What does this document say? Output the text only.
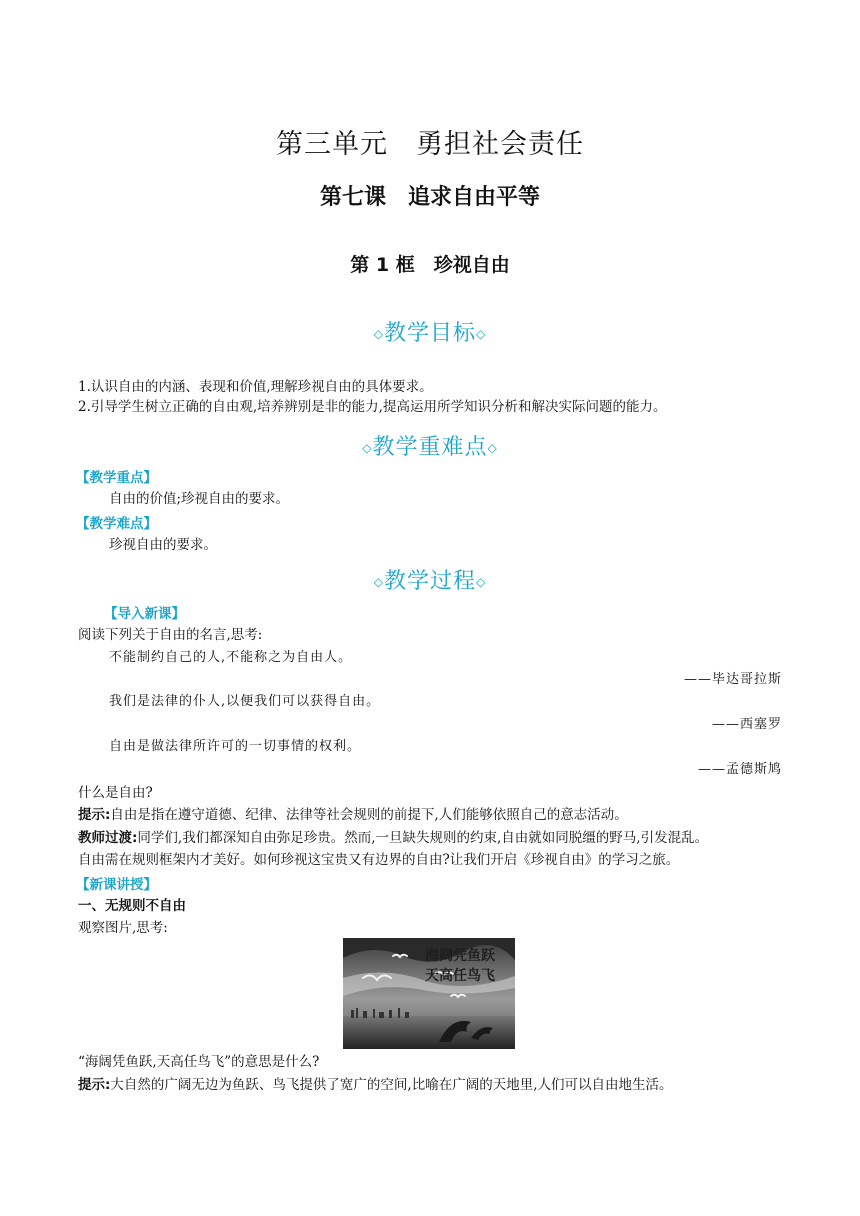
第三单元　勇担社会责任
第七课　追求自由平等
第 1 框　珍视自由
◇教学目标◇
1.认识自由的内涵、表现和价值,理解珍视自由的具体要求。
2.引导学生树立正确的自由观,培养辨别是非的能力,提高运用所学知识分析和解决实际问题的能力。
◇教学重难点◇
【教学重点】
自由的价值;珍视自由的要求。
【教学难点】
珍视自由的要求。
◇教学过程◇
【导入新课】
阅读下列关于自由的名言,思考:
不能制约自己的人,不能称之为自由人。
——毕达哥拉斯
我们是法律的仆人,以便我们可以获得自由。
——西塞罗
自由是做法律所许可的一切事情的权利。
——孟德斯鸠
什么是自由?
提示:自由是指在遵守道德、纪律、法律等社会规则的前提下,人们能够依照自己的意志活动。
教师过渡:同学们,我们都深知自由弥足珍贵。然而,一旦缺失规则的约束,自由就如同脱缰的野马,引发混乱。
自由需在规则框架内才美好。如何珍视这宝贵又有边界的自由?让我们开启《珍视自由》的学习之旅。
【新课讲授】
一、无规则不自由
观察图片,思考:
海阔凭鱼跃
天高任鸟飞
“海阔凭鱼跃,天高任鸟飞”的意思是什么?
提示:大自然的广阔无边为鱼跃、鸟飞提供了宽广的空间,比喻在广阔的天地里,人们可以自由地生活。
